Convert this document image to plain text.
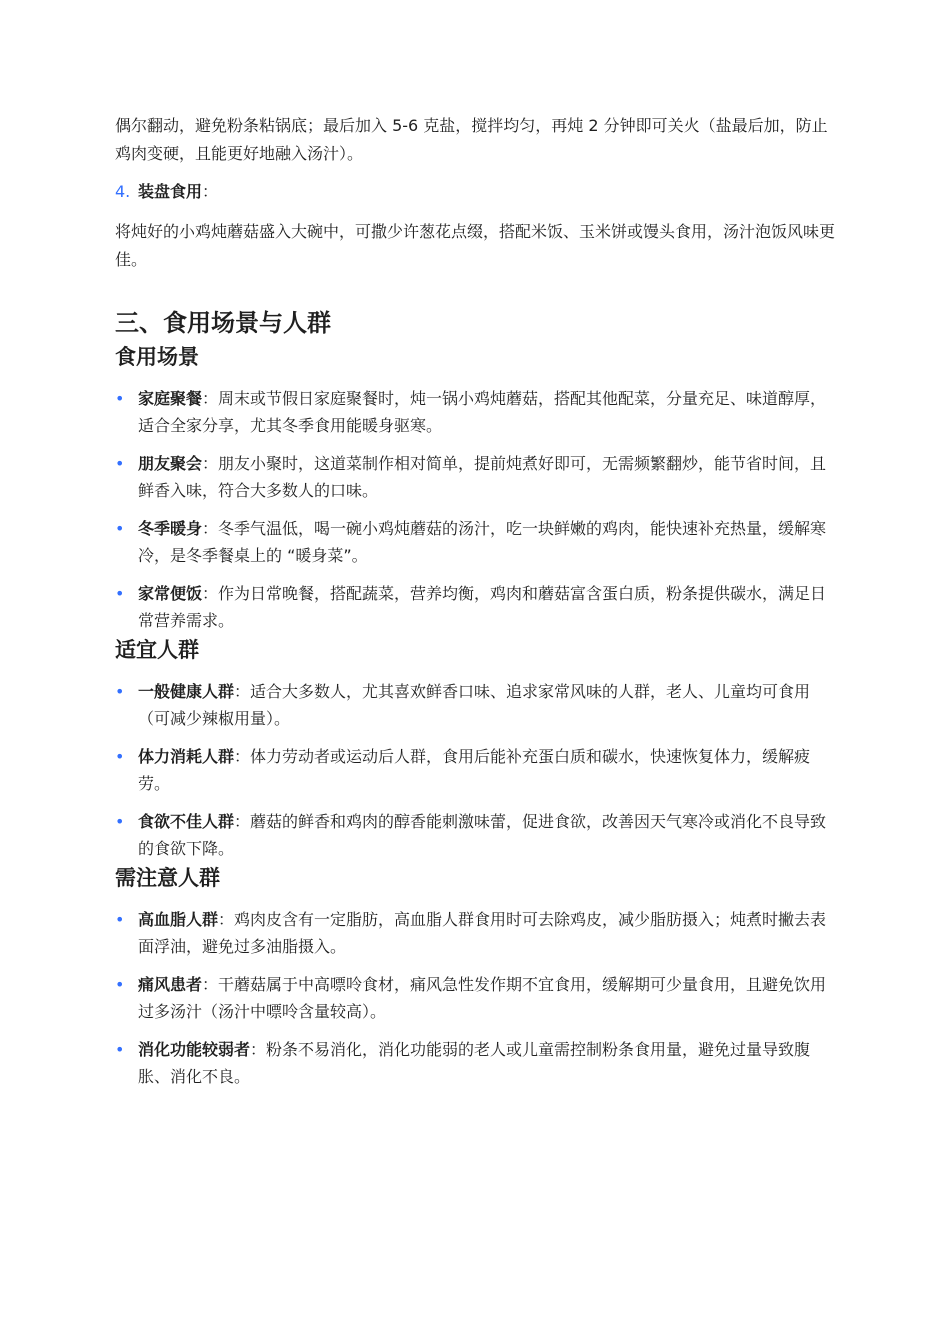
偶尔翻动，避免粉条粘锅底；最后加入 5-6 克盐，搅拌均匀，再炖 2 分钟即可关火（盐最后加，防止鸡肉变硬，且能更好地融入汤汁）。

4. 装盘食用：

将炖好的小鸡炖蘑菇盛入大碗中，可撒少许葱花点缀，搭配米饭、玉米饼或馒头食用，汤汁泡饭风味更佳。

三、食用场景与人群
食用场景
• 家庭聚餐：周末或节假日家庭聚餐时，炖一锅小鸡炖蘑菇，搭配其他配菜，分量充足、味道醇厚，适合全家分享，尤其冬季食用能暖身驱寒。
• 朋友聚会：朋友小聚时，这道菜制作相对简单，提前炖煮好即可，无需频繁翻炒，能节省时间，且鲜香入味，符合大多数人的口味。
• 冬季暖身：冬季气温低，喝一碗小鸡炖蘑菇的汤汁，吃一块鲜嫩的鸡肉，能快速补充热量，缓解寒冷，是冬季餐桌上的 “暖身菜”。
• 家常便饭：作为日常晚餐，搭配蔬菜，营养均衡，鸡肉和蘑菇富含蛋白质，粉条提供碳水，满足日常营养需求。
适宜人群
• 一般健康人群：适合大多数人，尤其喜欢鲜香口味、追求家常风味的人群，老人、儿童均可食用（可减少辣椒用量）。
• 体力消耗人群：体力劳动者或运动后人群，食用后能补充蛋白质和碳水，快速恢复体力，缓解疲劳。
• 食欲不佳人群：蘑菇的鲜香和鸡肉的醇香能刺激味蕾，促进食欲，改善因天气寒冷或消化不良导致的食欲下降。
需注意人群
• 高血脂人群：鸡肉皮含有一定脂肪，高血脂人群食用时可去除鸡皮，减少脂肪摄入；炖煮时撇去表面浮油，避免过多油脂摄入。
• 痛风患者：干蘑菇属于中高嘌呤食材，痛风急性发作期不宜食用，缓解期可少量食用，且避免饮用过多汤汁（汤汁中嘌呤含量较高）。
• 消化功能较弱者：粉条不易消化，消化功能弱的老人或儿童需控制粉条食用量，避免过量导致腹胀、消化不良。
